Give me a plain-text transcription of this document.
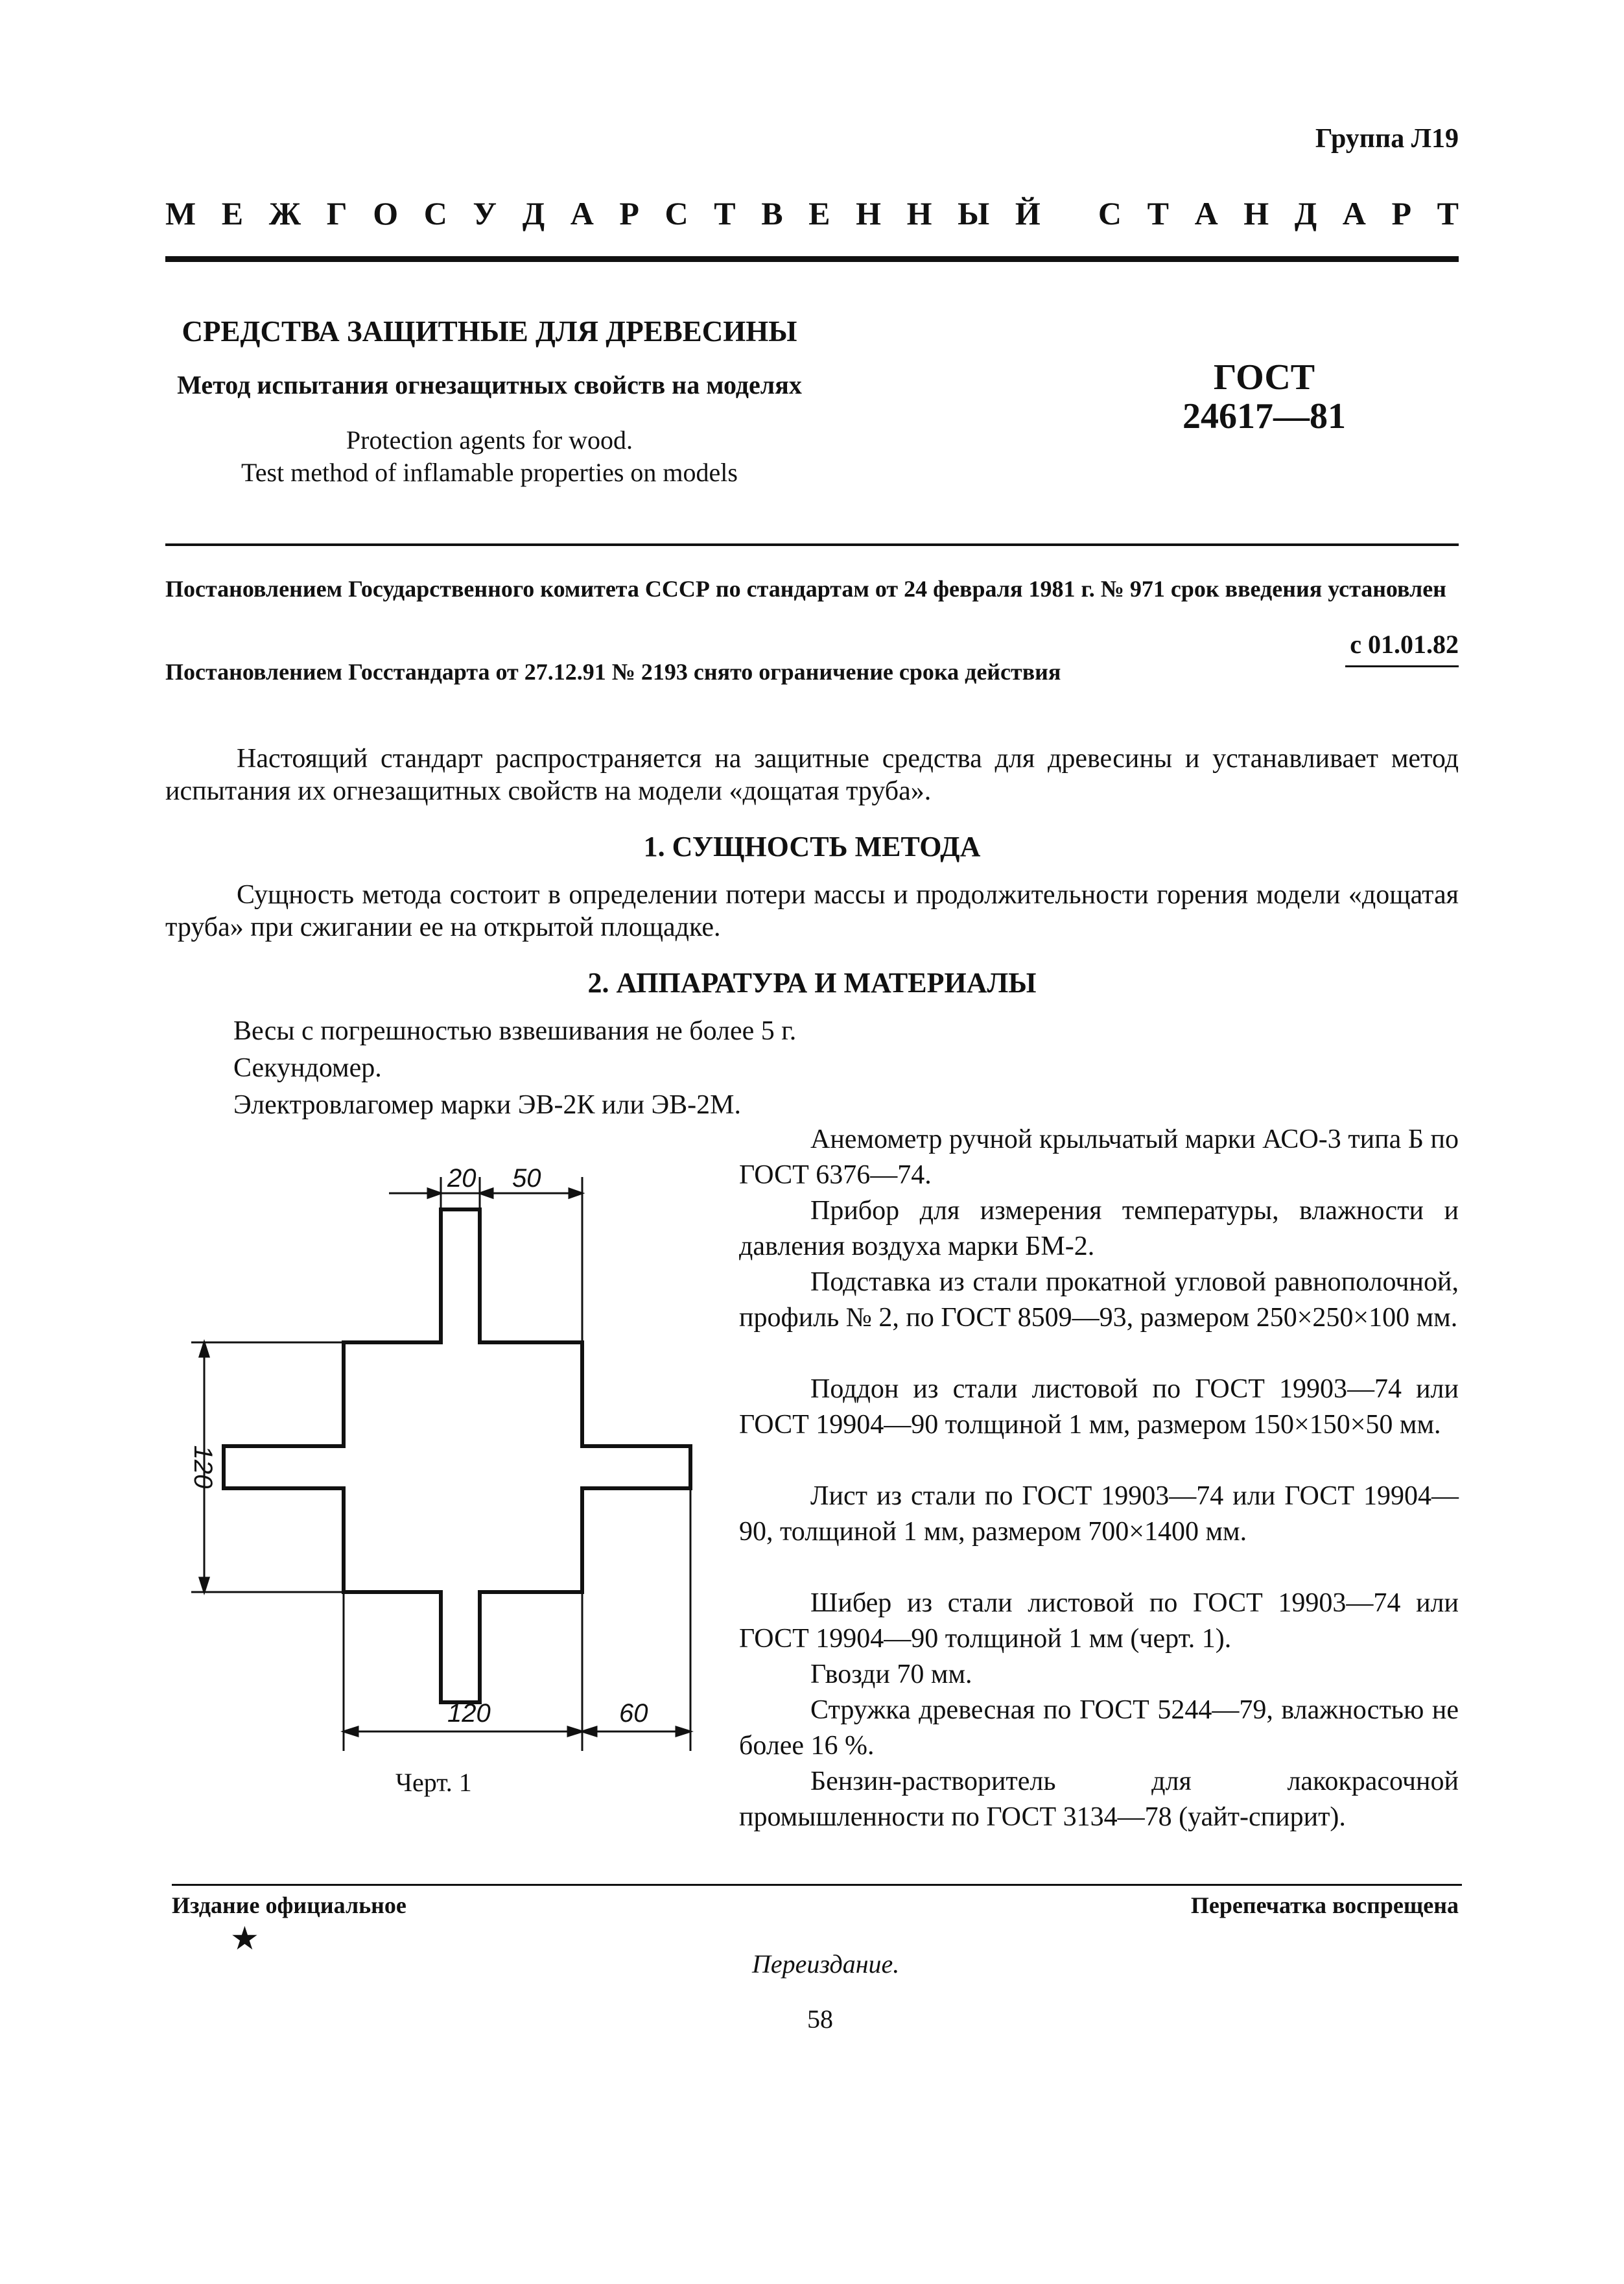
Группа Л19
М Е Ж Г О С У Д А Р С Т В Е Н Н Ы Й С Т А Н Д А Р Т
СРЕДСТВА ЗАЩИТНЫЕ ДЛЯ ДРЕВЕСИНЫ
Метод испытания огнезащитных свойств на моделях
Protection agents for wood.
Test method of inflamable properties on models
ГОСТ
24617—81
Постановлением Государственного комитета СССР по стандартам от 24 февраля 1981 г. № 971 срок введения установлен
с 01.01.82
Постановлением Госстандарта от 27.12.91 № 2193 снято ограничение срока действия
Настоящий стандарт распространяется на защитные средства для древесины и устанавливает метод испытания их огнезащитных свойств на модели «дощатая труба».
1. СУЩНОСТЬ МЕТОДА
Сущность метода состоит в определении потери массы и продолжительности горения модели «дощатая труба» при сжигании ее на открытой площадке.
2. АППАРАТУРА И МАТЕРИАЛЫ
Весы с погрешностью взвешивания не более 5 г.
Секундомер.
Электровлагомер марки ЭВ-2К или ЭВ-2М.
Анемометр ручной крыльчатый марки АСО-3 типа Б по ГОСТ 6376—74.
Прибор для измерения температуры, влажности и давления воздуха марки БМ-2.
Подставка из стали прокатной угловой равнополочной, профиль № 2, по ГОСТ 8509—93, размером 250×250×100 мм.
Поддон из стали листовой по ГОСТ 19903—74 или ГОСТ 19904—90 толщиной 1 мм, размером 150×150×50 мм.
Лист из стали по ГОСТ 19903—74 или ГОСТ 19904—90, толщиной 1 мм, размером 700×1400 мм.
Шибер из стали листовой по ГОСТ 19903—74 или ГОСТ 19904—90 толщиной 1 мм (черт. 1).
Гвозди 70 мм.
Стружка древесная по ГОСТ 5244—79, влажностью не более 16 %.
Бензин-растворитель для лакокрасочной промышленности по ГОСТ 3134—78 (уайт-спирит).
20 50
120
120	60
Черт. 1
Издание официальное
★
Перепечатка воспрещена
Переиздание.
58
